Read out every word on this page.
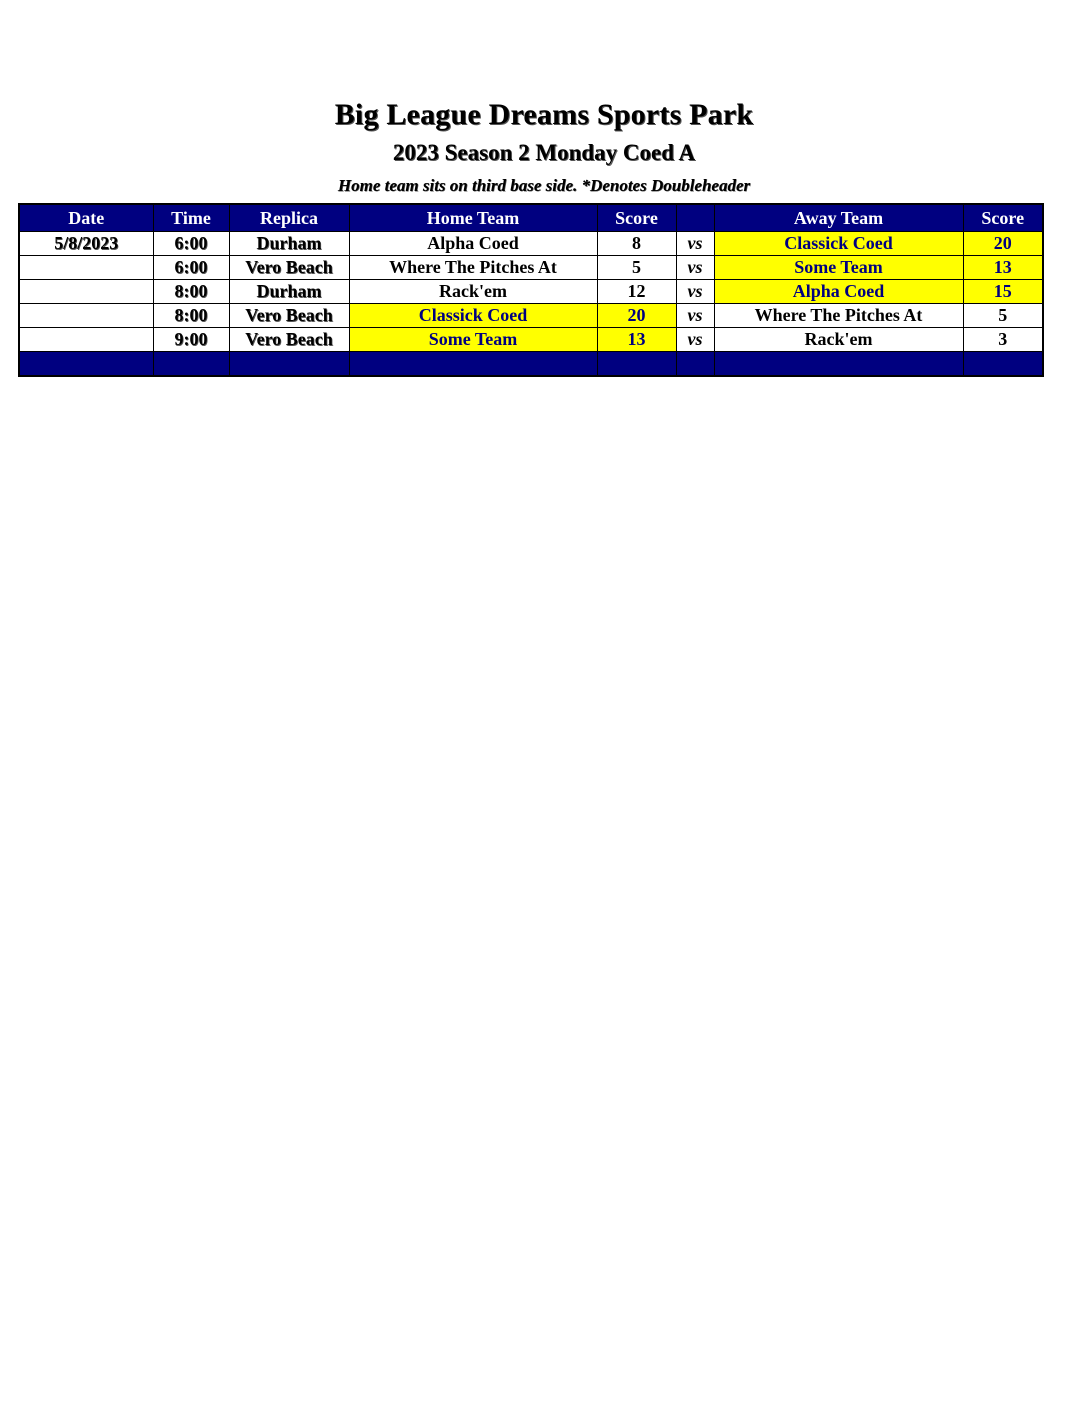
Big League Dreams Sports Park
2023 Season 2 Monday Coed A
Home team sits on third base side. *Denotes Doubleheader
Date	Time	Replica	Home Team	Score		Away Team	Score
5/8/2023	6:00	Durham	Alpha Coed	8	vs	Classick Coed	20
	6:00	Vero Beach	Where The Pitches At	5	vs	Some Team	13
	8:00	Durham	Rack'em	12	vs	Alpha Coed	15
	8:00	Vero Beach	Classick Coed	20	vs	Where The Pitches At	5
	9:00	Vero Beach	Some Team	13	vs	Rack'em	3
